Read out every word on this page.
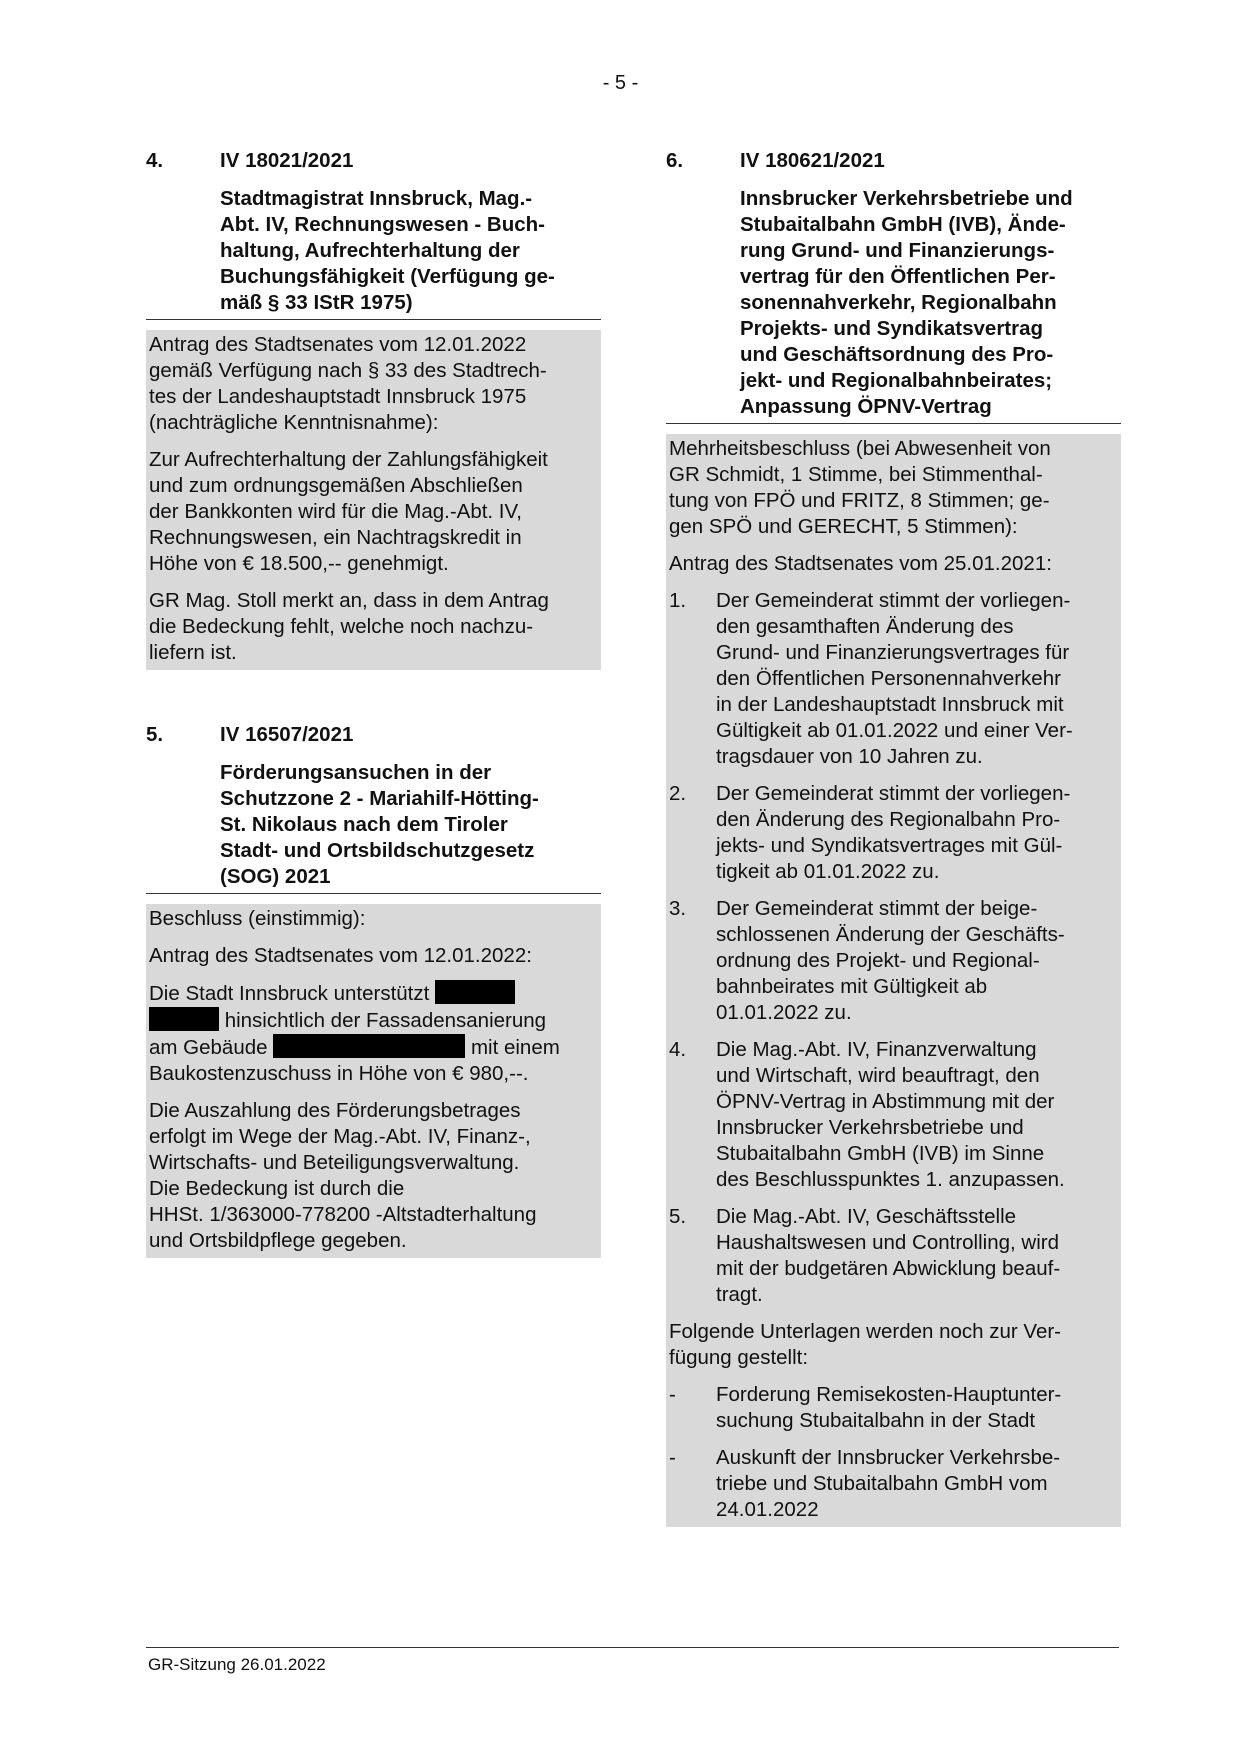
- 5 -
4.	IV 18021/2021
Stadtmagistrat Innsbruck, Mag.-
Abt. IV, Rechnungswesen - Buch-
haltung, Aufrechterhaltung der
Buchungsfähigkeit (Verfügung ge-
mäß § 33 IStR 1975)

Antrag des Stadtsenates vom 12.01.2022
gemäß Verfügung nach § 33 des Stadtrech-
tes der Landeshauptstadt Innsbruck 1975
(nachträgliche Kenntnisnahme):

Zur Aufrechterhaltung der Zahlungsfähigkeit
und zum ordnungsgemäßen Abschließen
der Bankkonten wird für die Mag.-Abt. IV,
Rechnungswesen, ein Nachtragskredit in
Höhe von € 18.500,-- genehmigt.

GR Mag. Stoll merkt an, dass in dem Antrag
die Bedeckung fehlt, welche noch nachzu-
liefern ist.

5.	IV 16507/2021
Förderungsansuchen in der
Schutzzone 2 - Mariahilf-Hötting-
St. Nikolaus nach dem Tiroler
Stadt- und Ortsbildschutzgesetz
(SOG) 2021

Beschluss (einstimmig):

Antrag des Stadtsenates vom 12.01.2022:

Die Stadt Innsbruck unterstützt
hinsichtlich der Fassadensanierung
am Gebäude	mit einem
Baukostenzuschuss in Höhe von € 980,--.

Die Auszahlung des Förderungsbetrages
erfolgt im Wege der Mag.-Abt. IV, Finanz-,
Wirtschafts- und Beteiligungsverwaltung.
Die Bedeckung ist durch die
HHSt. 1/363000-778200 -Altstadterhaltung
und Ortsbildpflege gegeben.

6.	IV 180621/2021
Innsbrucker Verkehrsbetriebe und
Stubaitalbahn GmbH (IVB), Ände-
rung Grund- und Finanzierungs-
vertrag für den Öffentlichen Per-
sonennahverkehr, Regionalbahn
Projekts- und Syndikatsvertrag
und Geschäftsordnung des Pro-
jekt- und Regionalbahnbeirates;
Anpassung ÖPNV-Vertrag

Mehrheitsbeschluss (bei Abwesenheit von
GR Schmidt, 1 Stimme, bei Stimmenthal-
tung von FPÖ und FRITZ, 8 Stimmen; ge-
gen SPÖ und GERECHT, 5 Stimmen):

Antrag des Stadtsenates vom 25.01.2021:

1.	Der Gemeinderat stimmt der vorliegen-
den gesamthaften Änderung des
Grund- und Finanzierungsvertrages für
den Öffentlichen Personennahverkehr
in der Landeshauptstadt Innsbruck mit
Gültigkeit ab 01.01.2022 und einer Ver-
tragsdauer von 10 Jahren zu.
2.	Der Gemeinderat stimmt der vorliegen-
den Änderung des Regionalbahn Pro-
jekts- und Syndikatsvertrages mit Gül-
tigkeit ab 01.01.2022 zu.
3.	Der Gemeinderat stimmt der beige-
schlossenen Änderung der Geschäfts-
ordnung des Projekt- und Regional-
bahnbeirates mit Gültigkeit ab
01.01.2022 zu.
4.	Die Mag.-Abt. IV, Finanzverwaltung
und Wirtschaft, wird beauftragt, den
ÖPNV-Vertrag in Abstimmung mit der
Innsbrucker Verkehrsbetriebe und
Stubaitalbahn GmbH (IVB) im Sinne
des Beschlusspunktes 1. anzupassen.
5.	Die Mag.-Abt. IV, Geschäftsstelle
Haushaltswesen und Controlling, wird
mit der budgetären Abwicklung beauf-
tragt.

Folgende Unterlagen werden noch zur Ver-
fügung gestellt:

-	Forderung Remisekosten-Hauptunter-
suchung Stubaitalbahn in der Stadt
-	Auskunft der Innsbrucker Verkehrsbe-
triebe und Stubaitalbahn GmbH vom
24.01.2022
GR-Sitzung 26.01.2022
